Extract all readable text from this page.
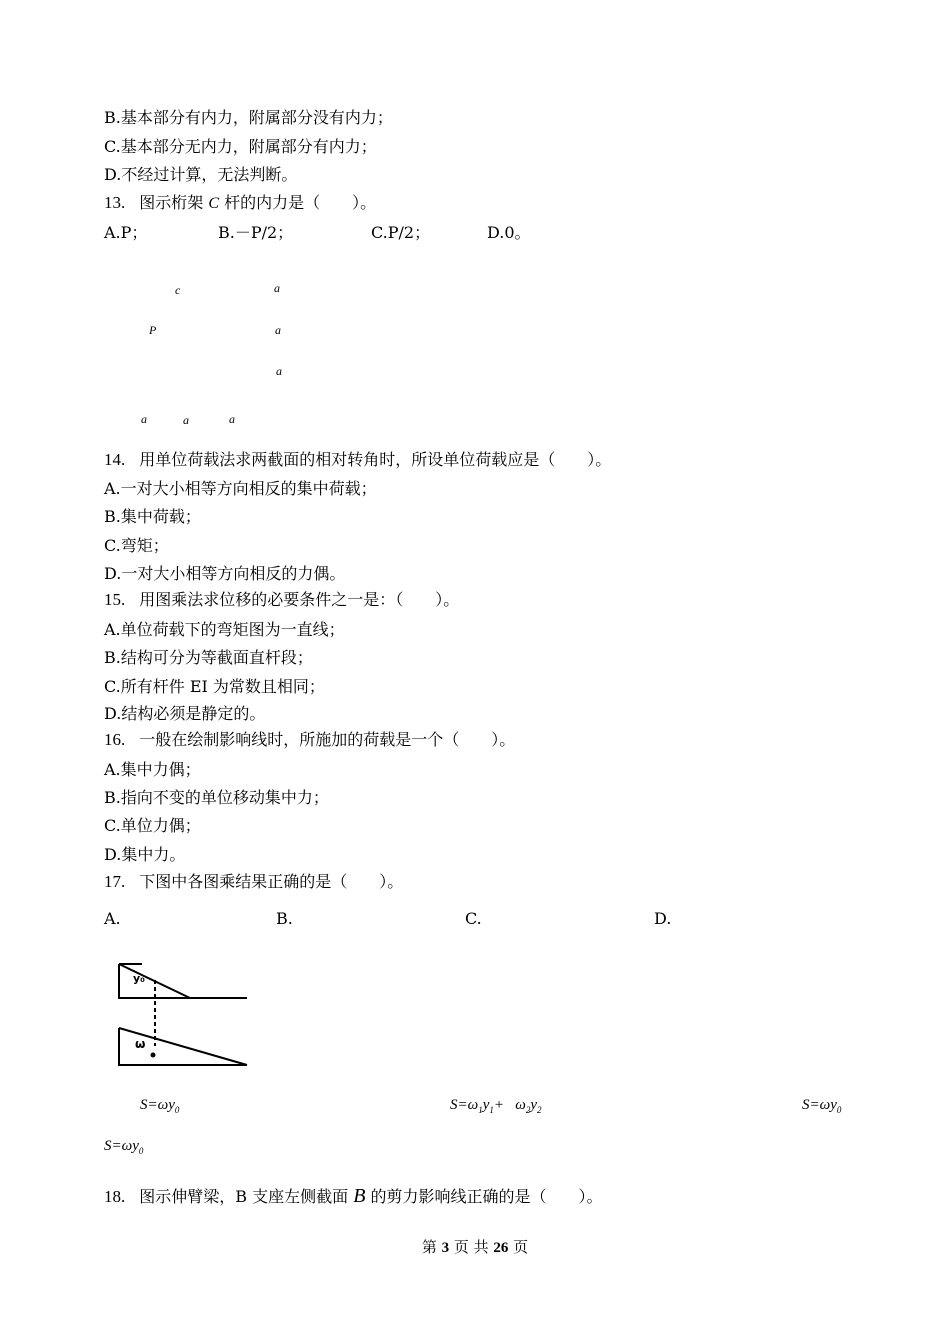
B.基本部分有内力，附属部分没有内力；
C.基本部分无内力，附属部分有内力；
D.不经过计算，无法判断。
13. 图示桁架 C 杆的内力是（　　）。
A.P；	B.－P/2；	C.P/2；	D.0。
c	a
P	a
a
a	a	a
14. 用单位荷载法求两截面的相对转角时，所设单位荷载应是（　　）。
A.一对大小相等方向相反的集中荷载；
B.集中荷载；
C.弯矩；
D.一对大小相等方向相反的力偶。
15. 用图乘法求位移的必要条件之一是：（　　）。
A.单位荷载下的弯矩图为一直线；
B.结构可分为等截面直杆段；
C.所有杆件 EI 为常数且相同；
D.结构必须是静定的。
16. 一般在绘制影响线时，所施加的荷载是一个（　　）。
A.集中力偶；
B.指向不变的单位移动集中力；
C.单位力偶；
D.集中力。
17. 下图中各图乘结果正确的是（　　）。
A.	B.	C.	D.
y₀
ω
$S=\omega y_0$	$S=\omega_1y_1+ \omega_2y_2$	$S=\omega y_0$
$S=\omega y_0$
18. 图示伸臂梁，B 支座左侧截面 B 的剪力影响线正确的是（　　）。
第 3 页 共 26 页
